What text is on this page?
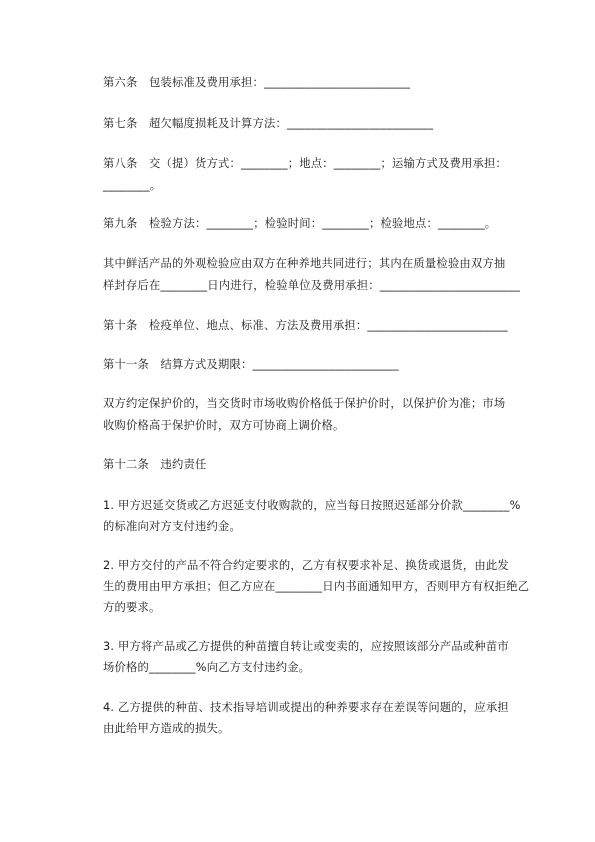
第六条　包装标准及费用承担：_________________________
第七条　超欠幅度损耗及计算方法：_________________________
第八条　交（提）货方式：________；地点：________；运输方式及费用承担：
________。
第九条　检验方法：________；检验时间：________；检验地点：________。
其中鲜活产品的外观检验应由双方在种养地共同进行；其内在质量检验由双方抽
样封存后在________日内进行，检验单位及费用承担：________________________
第十条　检疫单位、地点、标准、方法及费用承担：________________________
第十一条　结算方式及期限：_________________________
双方约定保护价的，当交货时市场收购价格低于保护价时，以保护价为准；市场
收购价格高于保护价时，双方可协商上调价格。
第十二条　违约责任
1. 甲方迟延交货或乙方迟延支付收购款的，应当每日按照迟延部分价款________%
的标准向对方支付违约金。
2. 甲方交付的产品不符合约定要求的，乙方有权要求补足、换货或退货，由此发
生的费用由甲方承担；但乙方应在________日内书面通知甲方，否则甲方有权拒绝乙
方的要求。
3. 甲方将产品或乙方提供的种苗擅自转让或变卖的，应按照该部分产品或种苗市
场价格的________%向乙方支付违约金。
4. 乙方提供的种苗、技术指导培训或提出的种养要求存在差误等问题的，应承担
由此给甲方造成的损失。
